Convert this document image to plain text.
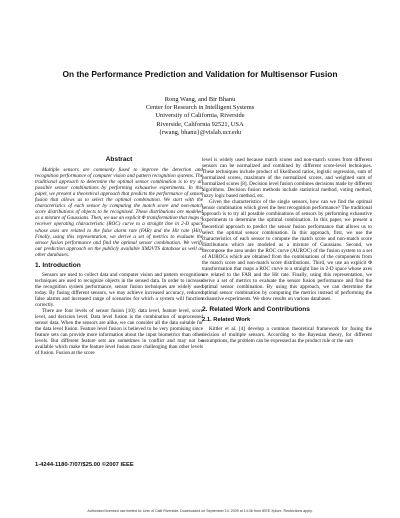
On the Performance Prediction and Validation for Multisensor Fusion
Rong Wang, and Bir Bhanu
Center for Research in Intelligent Systems
University of California, Riverside
Riverside, California 92521, USA
{rwang, bhanu}@vislab.ucr.edu
Abstract

Multiple sensors are commonly fused to improve the detection and recognition performance of computer vision and pattern recognition systems. The traditional approach to determine the optimal sensor combination is to try all possible sensor combinations by performing exhaustive experiments. In this paper, we present a theoretical approach that predicts the performance of sensor fusion that allows us to select the optimal combination. We start with the characteristics of each sensor by computing the match score and non-match score distributions of objects to be recognized. These distributions are modeled as a mixture of Gaussians. Then, we use an explicit Φ transformation that maps a receiver operating characteristic (ROC) curve to a straight line in 2-D space whose axes are related to the false alarm rate (FAR) and the Hit rate (Hit). Finally, using this representation, we derive a set of metrics to evaluate the sensor fusion performance and find the optimal sensor combination. We verify our prediction approach on the publicly available XM2VTS database as well as other databases.

1. Introduction

Sensors are used to collect data and computer vision and pattern recognition techniques are used to recognize objects in the sensed data. In order to increase the recognition system performance, sensor fusion techniques are widely used today. By fusing different sensors, we may achieve increased accuracy, reduced false alarms and increased range of scenarios for which a system will function correctly.

There are four levels of sensor fusion [10]: data level, feature level, score level, and decision level. Data level fusion is the combination of unprocessed sensor data. When the sensors are alike, we can consider all the data suitable for the data level fusion. Feature level fusion is believed to be very promising since feature sets can provide more information about the input biometrics than other levels. But different feature sets are sometimes in conflict and may not be available which make the feature level fusion more challenging than other levels of fusion. Fusion at the score

level is widely used because match scores and non-match scores from different sensors can be normalized and combined by different score-level techniques. These techniques include product of likelihood ratios, logistic regression, sum of normalized scores, maximum of the normalized scores, and weighted sum of normalized scores [8]. Decision level fusion combines decisions made by different algorithms. Decision fusion methods include statistical method, voting method, fuzzy logic based method, etc.

Given the characteristics of the single sensors, how can we find the optimal sensor combination which gives the best recognition performance? The traditional approach is to try all possible combinations of sensors by performing exhaustive experiments to determine the optimal combination. In this paper, we present a theoretical approach to predict the sensor fusion performance that allows us to select the optimal sensor combination. In this approach, first, we use the characteristics of each sensor to compute the match score and non-match score distributions which are modeled as a mixture of Gaussians. Second, we decompose the area under the ROC curve (AUROC) of the fusion system to a set of AUROCs which are obtained from the combinations of the components from the match score and non-match score distributions. Third, we use an explicit Φ transformation that maps a ROC curve to a straight line in 2-D space whose axes are related to the FAR and the Hit rate. Finally, using this representation, we derive a set of metrics to evaluate the sensor fusion performance and find the optimal sensor combination. By using this approach, we can determine the optimal sensor combination by computing the metrics instead of performing the exhaustive experiments. We show results on various databases.

2. Related Work and Contributions
2.1. Related Work

Kittler et al. [4] develop a common theoretical framework for fusing the decision of multiple sensors. According to the Bayesian theory, for different assumptions, the problem can be expressed as the product rule or the sum

1-4244-1180-7/07/$25.00 ©2007 IEEE
Authorized licensed use limited to: Univ of Calif Riverside. Downloaded on September 14, 2009 at 14:36 from IEEE Xplore. Restrictions apply.
